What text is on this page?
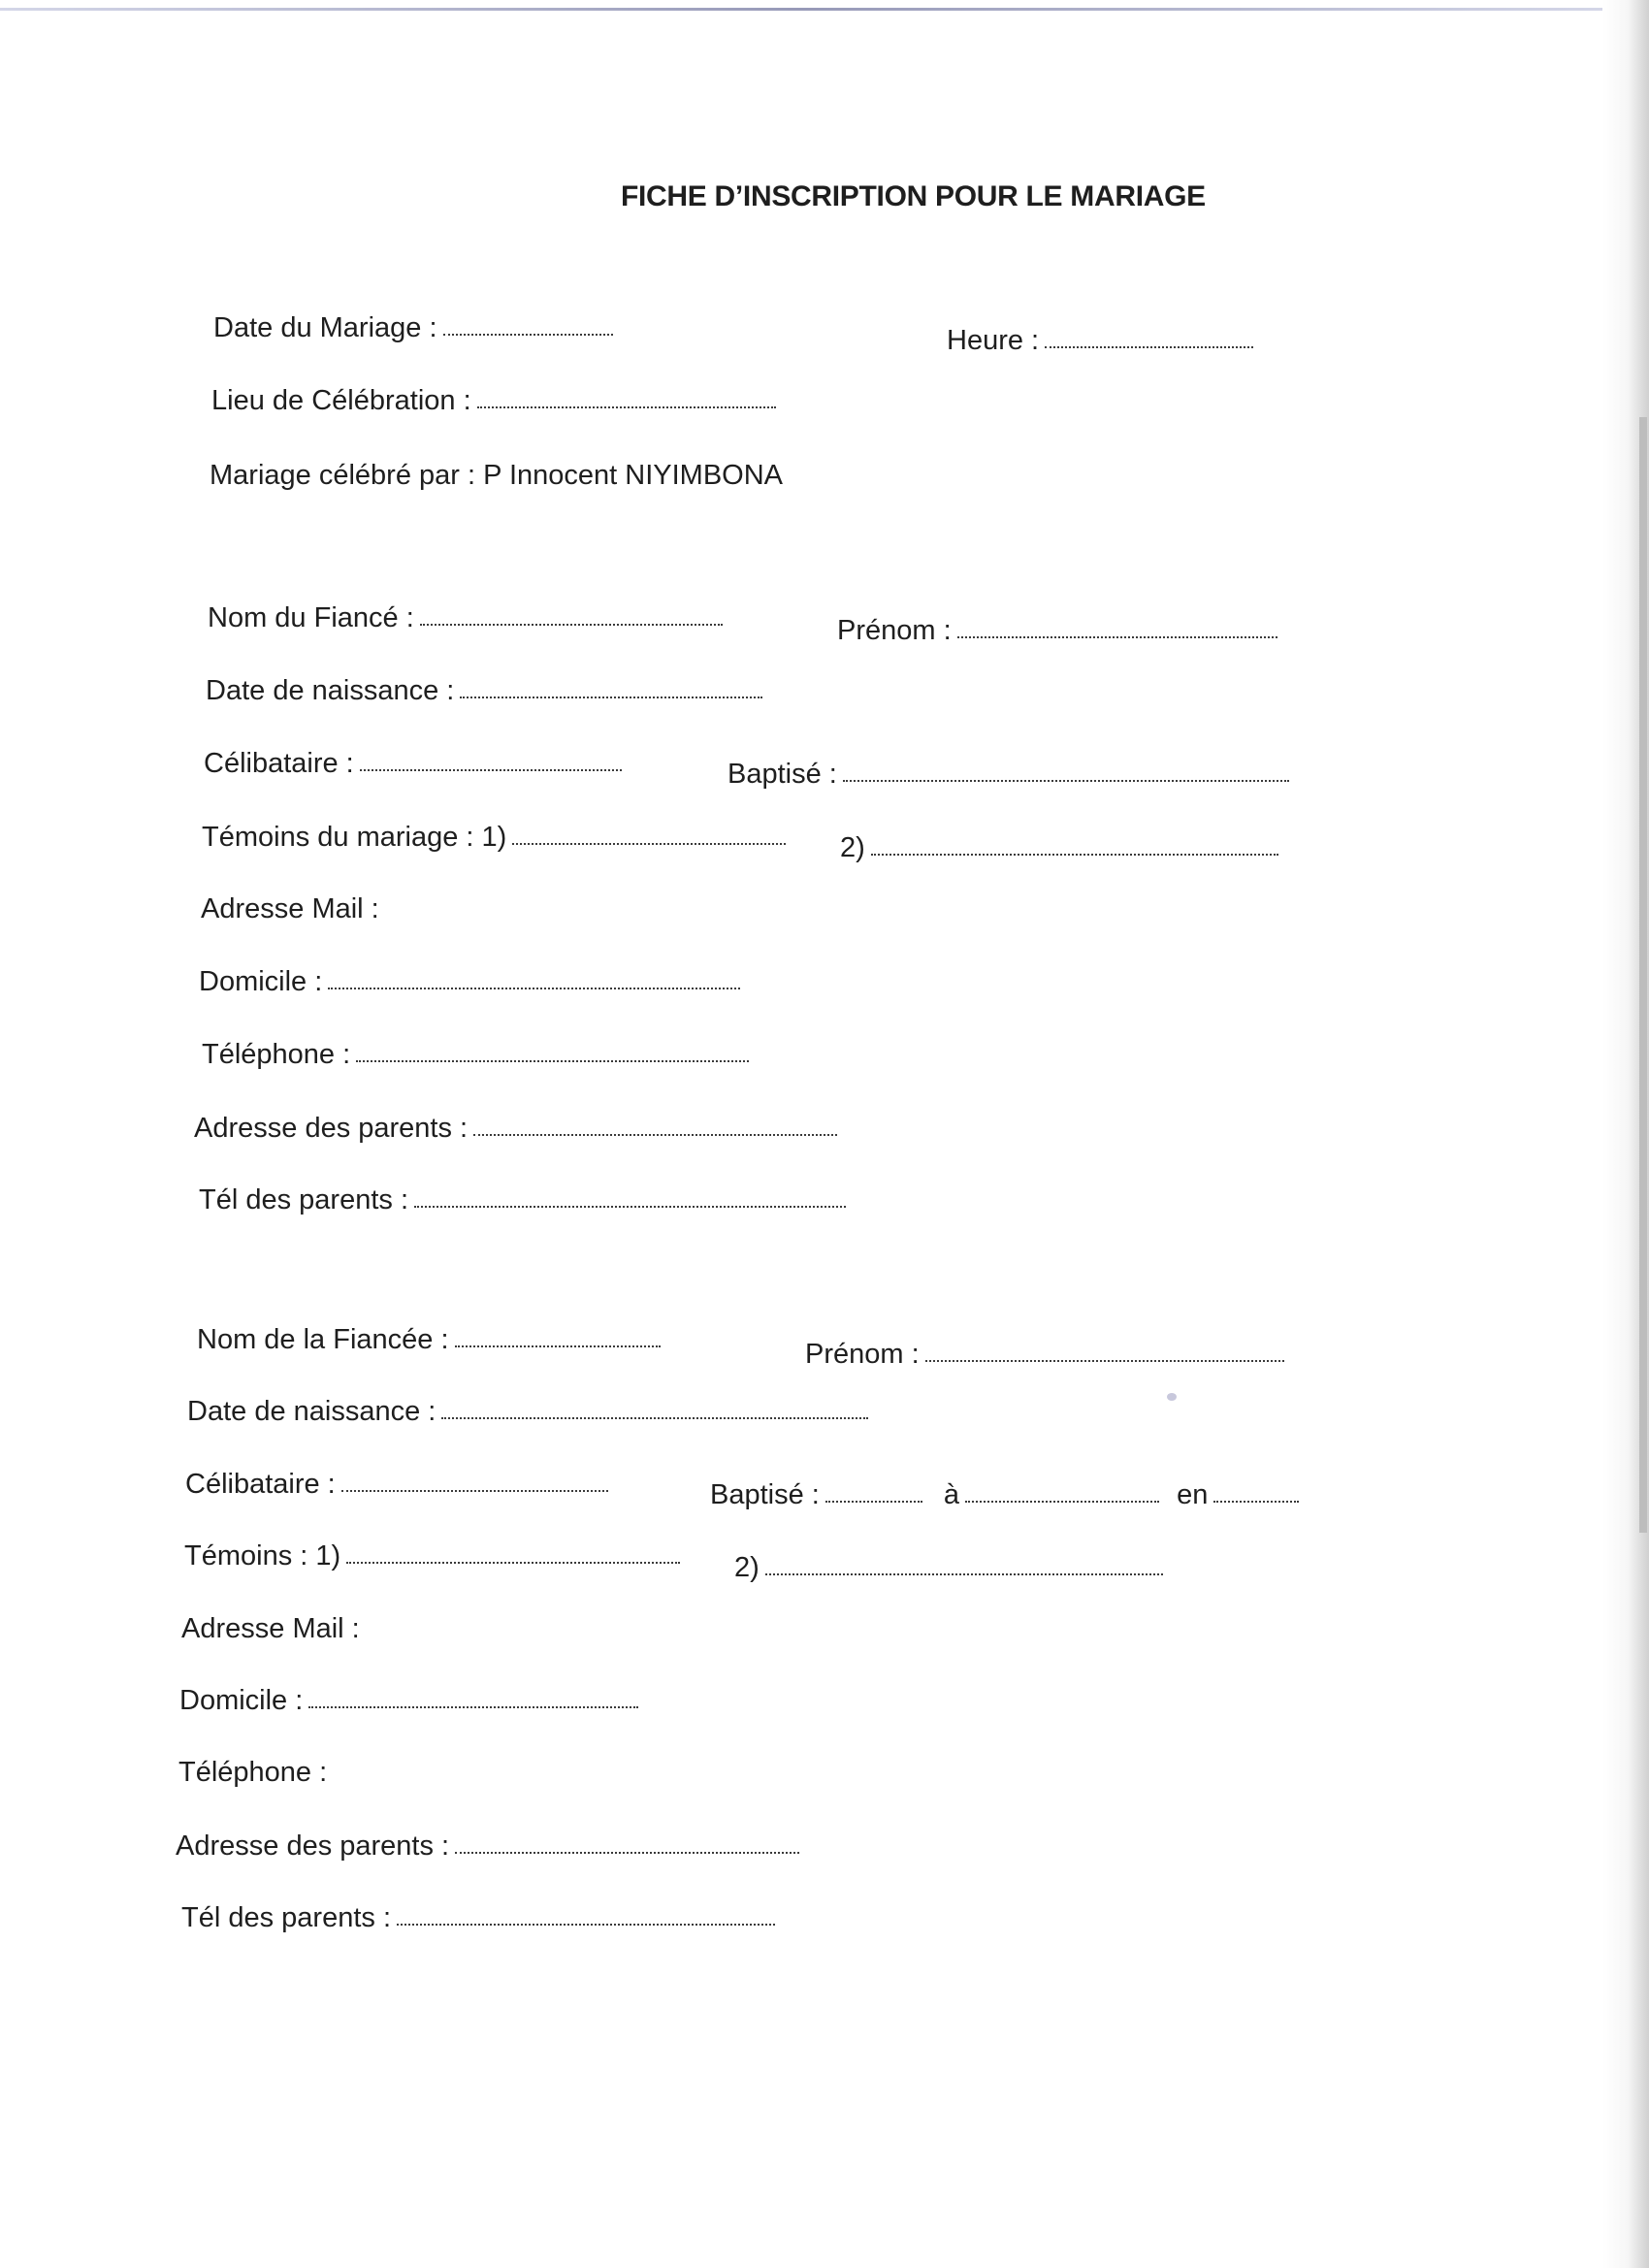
FICHE D’INSCRIPTION POUR LE MARIAGE
Date du Mariage :	Heure :
Lieu de Célébration :
Mariage célébré par : P Innocent NIYIMBONA
Nom du Fiancé :	Prénom :
Date de naissance :
Célibataire :	Baptisé :
Témoins du mariage : 1)	2)
Adresse Mail :
Domicile :
Téléphone :
Adresse des parents :
Tél des parents :
Nom de la Fiancée :	Prénom :
Date de naissance :
Célibataire :	Baptisé :	à	en
Témoins : 1)	2)
Adresse Mail :
Domicile :
Téléphone :
Adresse des parents :
Tél des parents :
